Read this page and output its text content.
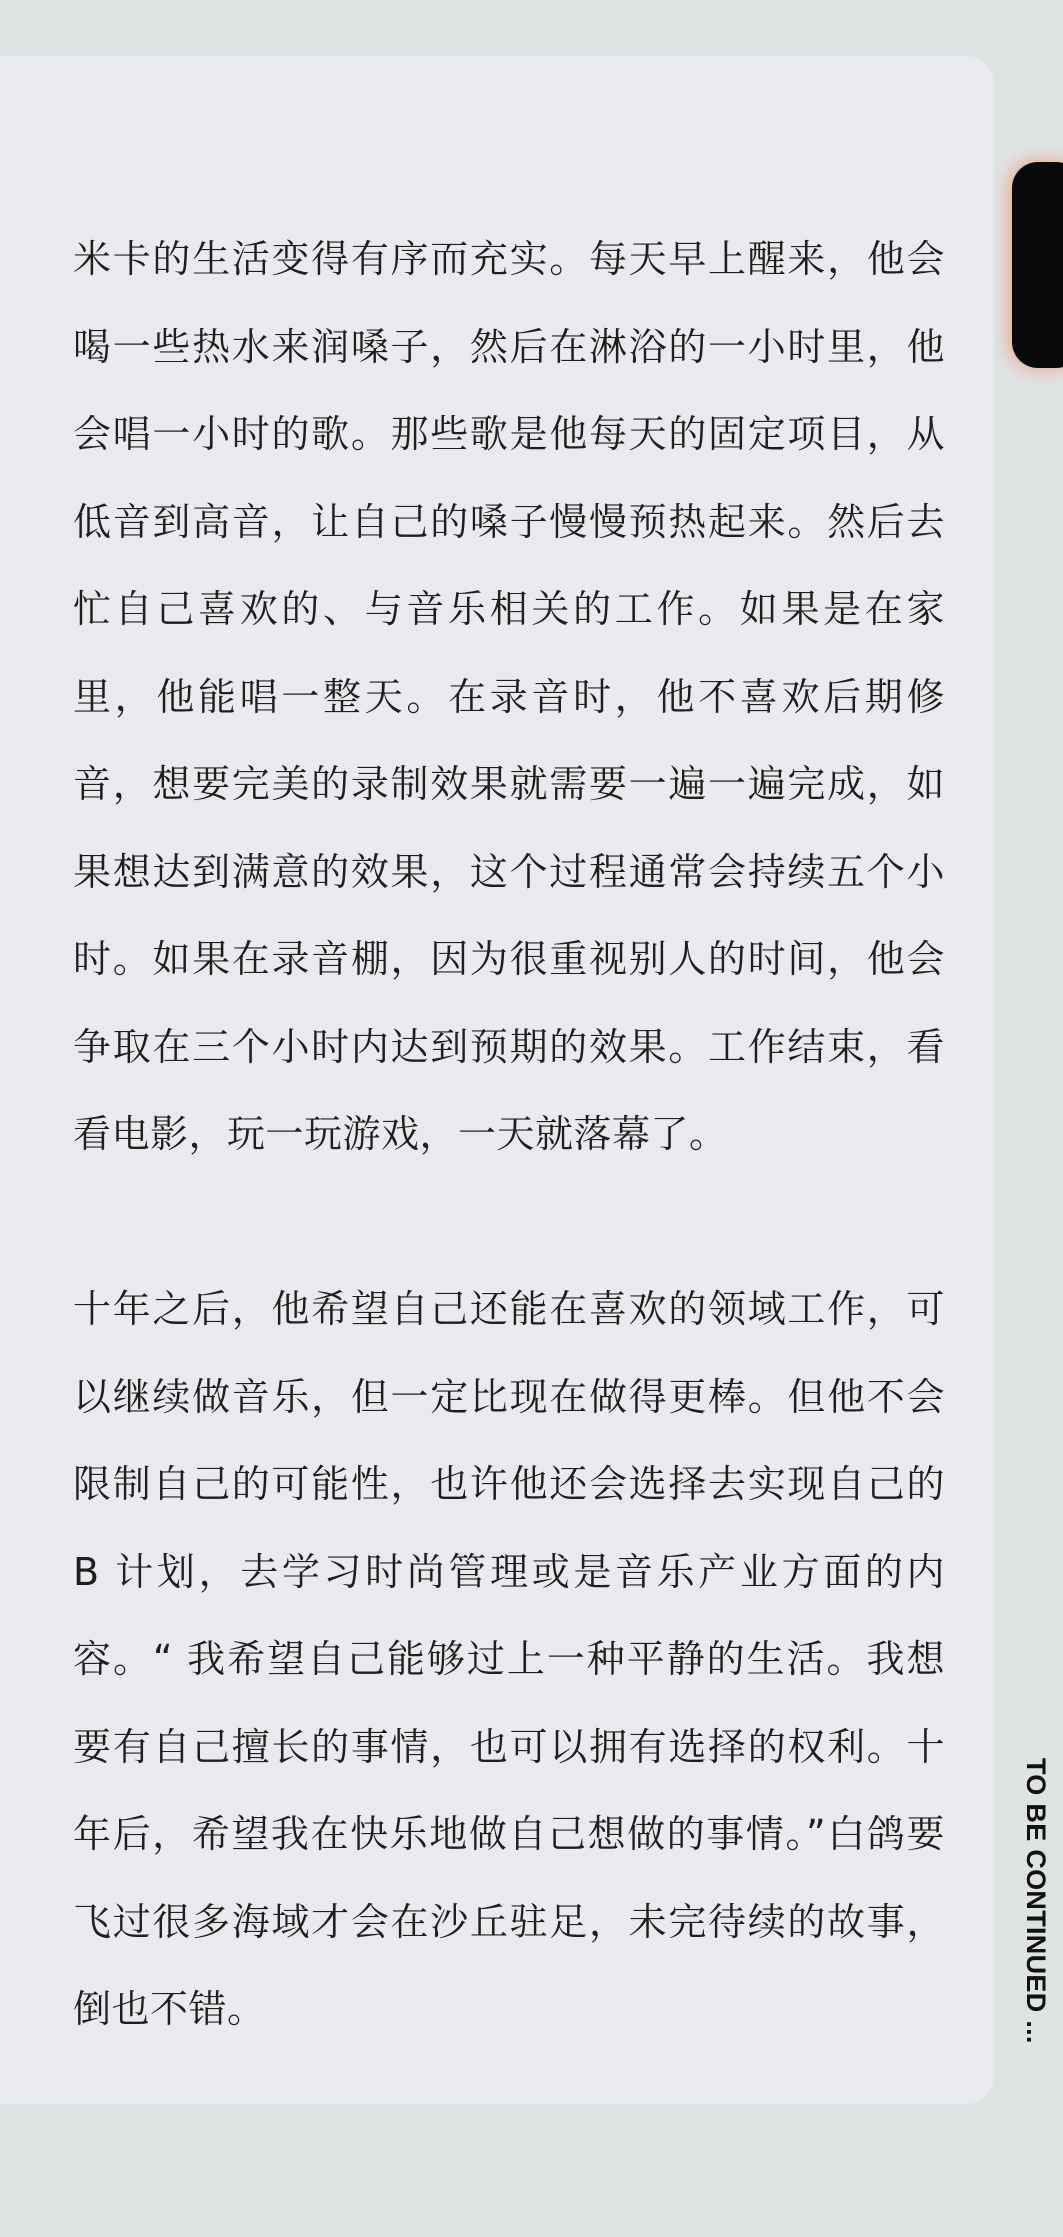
米卡的生活变得有序而充实。每天早上醒来，他会喝一些热水来润嗓子，然后在淋浴的一小时里，他会唱一小时的歌。那些歌是他每天的固定项目，从低音到高音，让自己的嗓子慢慢预热起来。然后去忙自己喜欢的、与音乐相关的工作。如果是在家里，他能唱一整天。在录音时，他不喜欢后期修音，想要完美的录制效果就需要一遍一遍完成，如果想达到满意的效果，这个过程通常会持续五个小时。如果在录音棚，因为很重视别人的时间，他会争取在三个小时内达到预期的效果。工作结束，看看电影，玩一玩游戏，一天就落幕了。

十年之后，他希望自己还能在喜欢的领域工作，可以继续做音乐，但一定比现在做得更棒。但他不会限制自己的可能性，也许他还会选择去实现自己的 B 计划，去学习时尚管理或是音乐产业方面的内容。“ 我希望自己能够过上一种平静的生活。我想要有自己擅长的事情，也可以拥有选择的权利。十年后，希望我在快乐地做自己想做的事情。”白鸽要飞过很多海域才会在沙丘驻足，未完待续的故事，倒也不错。	TO BE CONTINUED ...
